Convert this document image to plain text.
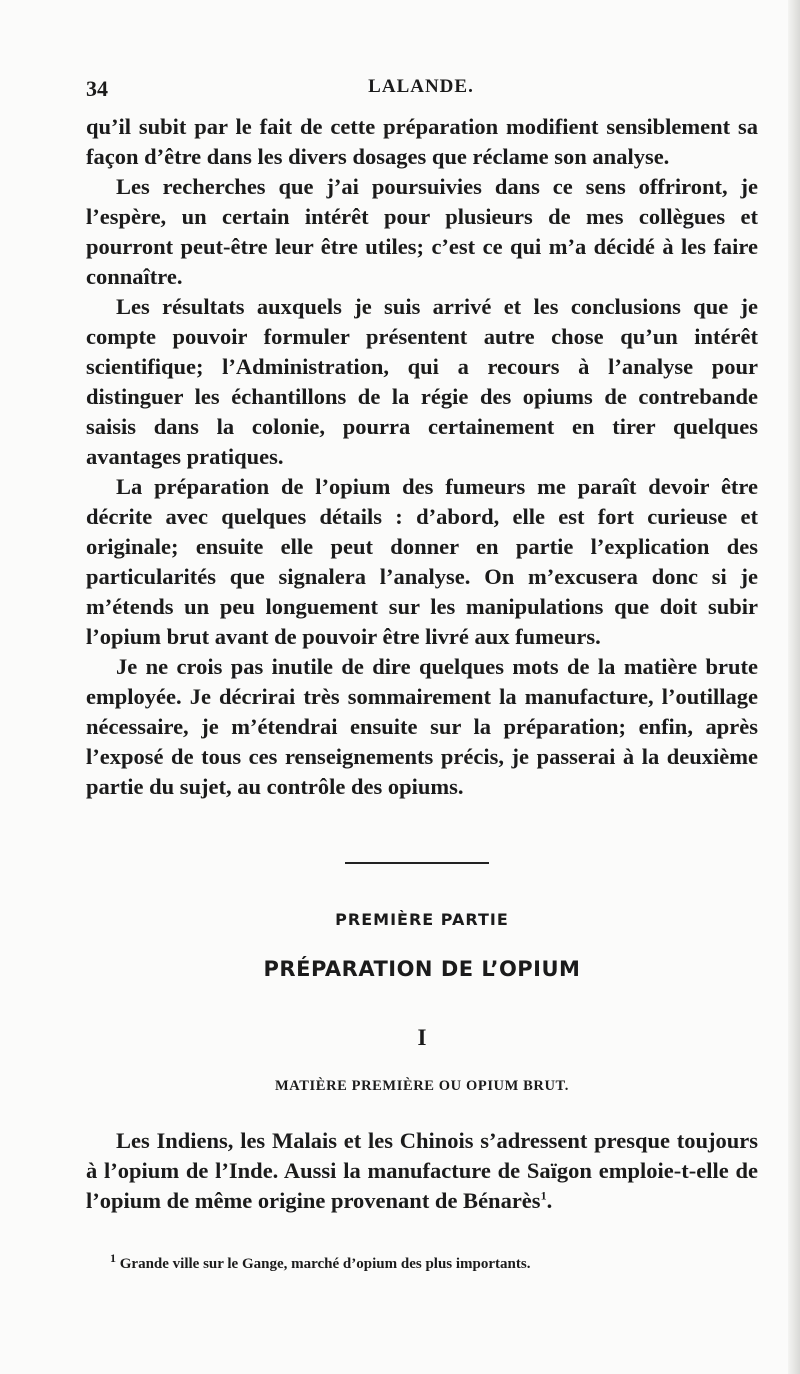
34	LALANDE.

qu’il subit par le fait de cette préparation modifient sensiblement sa façon d’être dans les divers dosages que réclame son analyse.

Les recherches que j’ai poursuivies dans ce sens offriront, je l’espère, un certain intérêt pour plusieurs de mes collègues et pourront peut-être leur être utiles; c’est ce qui m’a décidé à les faire connaître.

Les résultats auxquels je suis arrivé et les conclusions que je compte pouvoir formuler présentent autre chose qu’un intérêt scientifique; l’Administration, qui a recours à l’analyse pour distinguer les échantillons de la régie des opiums de contrebande saisis dans la colonie, pourra certainement en tirer quelques avantages pratiques.

La préparation de l’opium des fumeurs me paraît devoir être décrite avec quelques détails : d’abord, elle est fort curieuse et originale; ensuite elle peut donner en partie l’explication des particularités que signalera l’analyse. On m’excusera donc si je m’étends un peu longuement sur les manipulations que doit subir l’opium brut avant de pouvoir être livré aux fumeurs.

Je ne crois pas inutile de dire quelques mots de la matière brute employée. Je décrirai très sommairement la manufacture, l’outillage nécessaire, je m’étendrai ensuite sur la préparation; enfin, après l’exposé de tous ces renseignements précis, je passerai à la deuxième partie du sujet, au contrôle des opiums.

PREMIÈRE PARTIE
PRÉPARATION DE L’OPIUM
I
MATIÈRE PREMIÈRE OU OPIUM BRUT.

Les Indiens, les Malais et les Chinois s’adressent presque toujours à l’opium de l’Inde. Aussi la manufacture de Saïgon emploie-t-elle de l’opium de même origine provenant de Bénarès$^1$.

$^1$ Grande ville sur le Gange, marché d’opium des plus importants.
